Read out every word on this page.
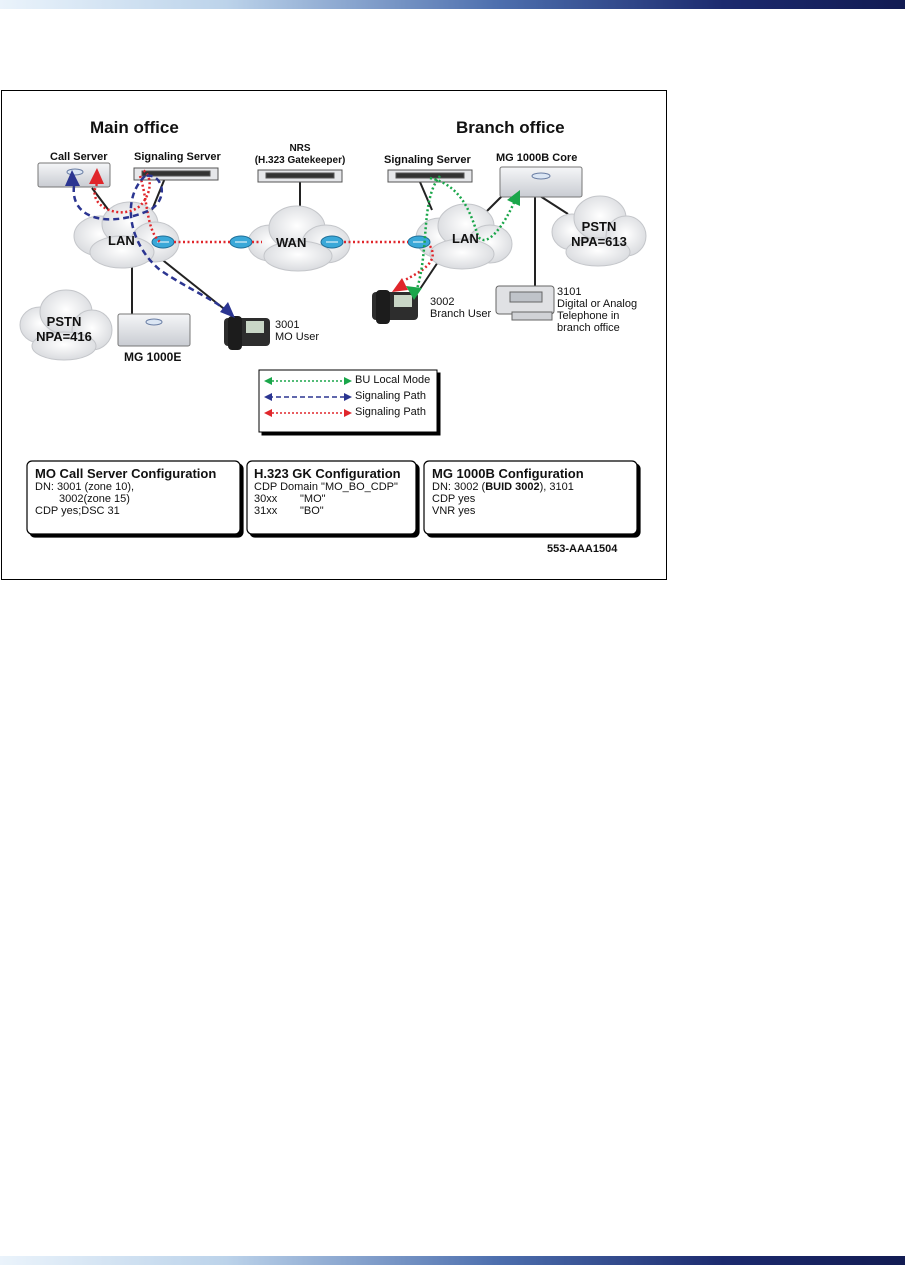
Main office	Branch office
Call Server Signaling Server
NRS
(H.323 Gatekeeper)	Signaling Server MG 1000B Core
LAN	WAN	LAN
PSTN
NPA=416
PSTN
NPA=613
MG 1000E
3001
MO User
3002
Branch User
3101
Digital or Analog
Telephone in
branch office
BU Local Mode
Signaling Path
Signaling Path
MO Call Server Configuration
DN: 3001 (zone 10),
3002(zone 15)
CDP yes;DSC 31
H.323 GK Configuration
CDP Domain "MO_BO_CDP"
30xx "MO"
31xx "BO"
MG 1000B Configuration
DN: 3002 (BUID 3002), 3101
CDP yes
VNR yes
553-AAA1504
